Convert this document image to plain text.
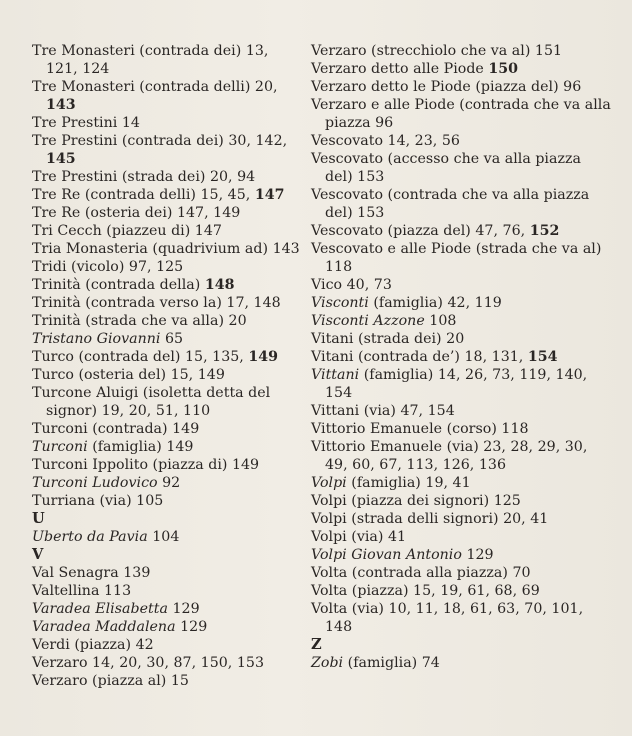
Tre Monasteri (contrada dei) 13, 121, 124
Tre Monasteri (contrada delli) 20, 143
Tre Prestini 14
Tre Prestini (contrada dei) 30, 142, 145
Tre Prestini (strada dei) 20, 94
Tre Re (contrada delli) 15, 45, 147
Tre Re (osteria dei) 147, 149
Tri Cecch (piazzeu di) 147
Tria Monasteria (quadrivium ad) 143
Tridi (vicolo) 97, 125
Trinità (contrada della) 148
Trinità (contrada verso la) 17, 148
Trinità (strada che va alla) 20
Tristano Giovanni 65
Turco (contrada del) 15, 135, 149
Turco (osteria del) 15, 149
Turcone Aluigi (isoletta detta del signor) 19, 20, 51, 110
Turconi (contrada) 149
Turconi (famiglia) 149
Turconi Ippolito (piazza di) 149
Turconi Ludovico 92
Turriana (via) 105
U
Uberto da Pavia 104
V
Val Senagra 139
Valtellina 113
Varadea Elisabetta 129
Varadea Maddalena 129
Verdi (piazza) 42
Verzaro 14, 20, 30, 87, 150, 153
Verzaro (piazza al) 15
Verzaro (strecchiolo che va al) 151
Verzaro detto alle Piode 150
Verzaro detto le Piode (piazza del) 96
Verzaro e alle Piode (contrada che va alla piazza 96
Vescovato 14, 23, 56
Vescovato (accesso che va alla piazza del) 153
Vescovato (contrada che va alla piazza del) 153
Vescovato (piazza del) 47, 76, 152
Vescovato e alle Piode (strada che va al) 118
Vico 40, 73
Visconti (famiglia) 42, 119
Visconti Azzone 108
Vitani (strada dei) 20
Vitani (contrada de’) 18, 131, 154
Vittani (famiglia) 14, 26, 73, 119, 140, 154
Vittani (via) 47, 154
Vittorio Emanuele (corso) 118
Vittorio Emanuele (via) 23, 28, 29, 30, 49, 60, 67, 113, 126, 136
Volpi (famiglia) 19, 41
Volpi (piazza dei signori) 125
Volpi (strada delli signori) 20, 41
Volpi (via) 41
Volpi Giovan Antonio 129
Volta (contrada alla piazza) 70
Volta (piazza) 15, 19, 61, 68, 69
Volta (via) 10, 11, 18, 61, 63, 70, 101, 148
Z
Zobi (famiglia) 74
